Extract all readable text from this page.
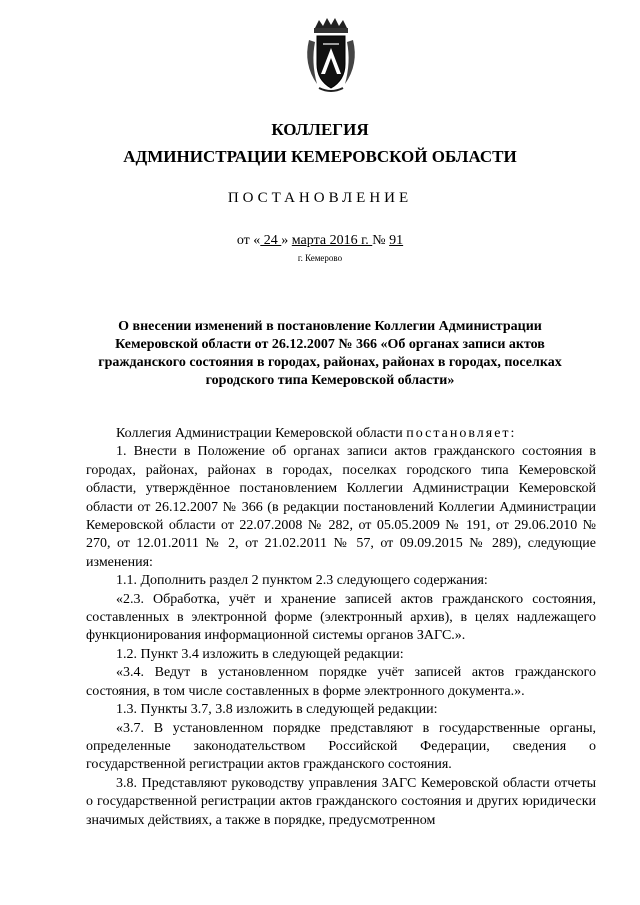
КОЛЛЕГИЯ
АДМИНИСТРАЦИИ КЕМЕРОВСКОЙ ОБЛАСТИ
ПОСТАНОВЛЕНИЕ
от « 24 » марта 2016 г. № 91
г. Кемерово
О внесении изменений в постановление Коллегии Администрации Кемеровской области от 26.12.2007 № 366 «Об органах записи актов гражданского состояния в городах, районах, районах в городах, поселках городского типа Кемеровской области»

Коллегия Администрации Кемеровской области постановляет:

1. Внести в Положение об органах записи актов гражданского состояния в городах, районах, районах в городах, поселках городского типа Кемеровской области, утверждённое постановлением Коллегии Администрации Кемеровской области от 26.12.2007 № 366 (в редакции постановлений Коллегии Администрации Кемеровской области от 22.07.2008 № 282, от 05.05.2009 № 191, от 29.06.2010 № 270, от 12.01.2011 № 2, от 21.02.2011 № 57, от 09.09.2015 № 289), следующие изменения:

1.1. Дополнить раздел 2 пунктом 2.3 следующего содержания:

«2.3. Обработка, учёт и хранение записей актов гражданского состояния, составленных в электронной форме (электронный архив), в целях надлежащего функционирования информационной системы органов ЗАГС.».

1.2. Пункт 3.4 изложить в следующей редакции:

«3.4. Ведут в установленном порядке учёт записей актов гражданского состояния, в том числе составленных в форме электронного документа.».

1.3. Пункты 3.7, 3.8 изложить в следующей редакции:

«3.7. В установленном порядке представляют в государственные органы, определенные законодательством Российской Федерации, сведения о государственной регистрации актов гражданского состояния.

3.8. Представляют руководству управления ЗАГС Кемеровской области отчеты о государственной регистрации актов гражданского состояния и других юридически значимых действиях, а также в порядке, предусмотренном
